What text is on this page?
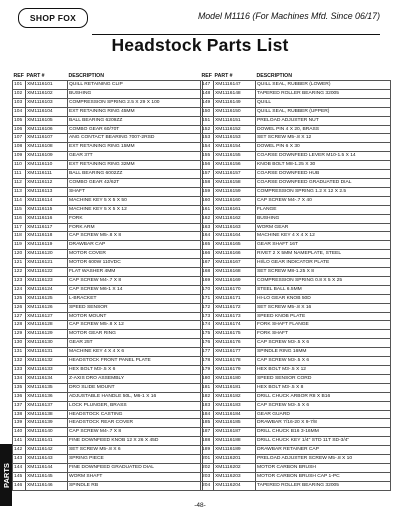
SHOP FOX	Model M1116 (For Machines Mfd. Since 06/17)
Headstock Parts List
REF	PART #	DESCRIPTION
101	XM1116101	QUILL RETAINING CLIP
102	XM1116102	BUSHING
103	XM1116103	COMPRESSION SPRING 2.5 X 29 X 100
104	XM1116104	EXT RETAINING RING 45MM
105	XM1116105	BALL BEARING 6209ZZ
106	XM1116106	COMBO GEAR 60/70T
107	XM1116107	ANG CONTACT BEARING 7007-2RSD
108	XM1116108	EXT RETAINING RING 15MM
109	XM1116109	GEAR 37T
110	XM1116110	EXT RETAINING RING 32MM
111	XM1116111	BALL BEARING 6002ZZ
112	XM1116112	COMBO GEAR 42/62T
113	XM1116113	SHAFT
114	XM1116114	MACHINE KEY 5 X 5 X 50
115	XM1116115	MACHINE KEY 5 X 5 X 12
116	XM1116116	FORK
117	XM1116117	FORK ARM
118	XM1116118	CAP SCREW M5-.8 X 8
119	XM1116119	DRAWBAR CAP
120	XM1116120	MOTOR COVER
121	XM1116121	MOTOR 600W 110VDC
122	XM1116122	FLAT WASHER 4MM
123	XM1116123	CAP SCREW M4-.7 X 8
124	XM1116124	CAP SCREW M6-1 X 14
125	XM1116125	L-BRACKET
126	XM1116126	SPEED SENSOR
127	XM1116127	MOTOR MOUNT
128	XM1116128	CAP SCREW M5-.8 X 12
129	XM1116129	MOTOR GEAR RING
130	XM1116130	GEAR 25T
131	XM1116131	MACHINE KEY 4 X 4 X 6
132	XM1116132	HEADSTOCK FRONT PANEL PLATE
133	XM1116133	HEX BOLT M3-.5 X 6
134	XM1116134	Z-AXIS DRO ASSEMBLY
135	XM1116135	DRO SLIDE MOUNT
136	XM1116136	ADJUSTABLE HANDLE 50L, M6-1 X 16
137	XM1116137	LOCK PLUNGER, BRASS
138	XM1116138	HEADSTOCK CASTING
139	XM1116139	HEADSTOCK REAR COVER
140	XM1116140	CAP SCREW M4-.7 X 8
141	XM1116141	FINE DOWNFEED KNOB 12 X 26 X 45D
142	XM1116142	SET SCREW M5-.8 X 6
143	XM1116143	SPRING PIECE
144	XM1116144	FINE DOWNFEED GRADUATED DIAL
145	XM1116145	WORM SHAFT
146	XM1116146	SPINDLE RB
REF	PART #	DESCRIPTION
147	XM1116147	QUILL SEAL, RUBBER (LOWER)
148	XM1116148	TAPERED ROLLER BEARING 32005
149	XM1116149	QUILL
150	XM1116150	QUILL SEAL, RUBBER (UPPER)
151	XM1116151	PRELOAD ADJUSTER NUT
152	XM1116152	DOWEL PIN 4 X 20, BRASS
153	XM1116153	SET SCREW M5-.8 X 12
154	XM1116154	DOWEL PIN 6 X 30
155	XM1116155	COARSE DOWNFEED LEVER M10-1.5 X 14
156	XM1116156	KNOB BOLT M8-1.25 X 30
157	XM1116157	COARSE DOWNFEED HUB
158	XM1116158	COARSE DOWNFEED GRADUATED DIAL
159	XM1116159	COMPRESSION SPRING 1.2 X 12 X 2.5
160	XM1116160	CAP SCREW M4-.7 X 40
161	XM1116161	FLANGE
162	XM1116162	BUSHING
163	XM1116163	WORM GEAR
164	XM1116164	MACHINE KEY 4 X 4 X 12
165	XM1116165	GEAR SHAFT 16T
166	XM1116166	RIVET 2 X 5MM NAMEPLATE, STEEL
167	XM1116167	HI/LO GEAR INDICATOR PLATE
168	XM1116168	SET SCREW M8-1.25 X 8
169	XM1116169	COMPRESSION SPRING 0.8 X 5 X 25
170	XM1116170	STEEL BALL 6.5MM
171	XM1116171	HI-LO GEAR KNOB 50D
172	XM1116172	SET SCREW M5-.8 X 16
173	XM1116173	SPEED KNOB PLATE
174	XM1116174	FORK SHAFT FLANGE
175	XM1116175	FORK SHAFT
176	XM1116176	CAP SCREW M3-.5 X 6
177	XM1116177	SPINDLE RING 16MM
178	XM1116178	CAP SCREW M3-.5 X 6
179	XM1116179	HEX BOLT M3-.5 X 12
180	XM1116180	SPEED SENSOR CORD
181	XM1116181	HEX BOLT M3-.5 X 8
182	XM1116182	DRILL CHUCK ARBOR R8 X B16
183	XM1116183	CAP SCREW M3-.5 X 6
184	XM1116184	GEAR GUARD
185	XM1116185	DRAWBAR 7/16-20 X 9-7/8
187	XM1116187	DRILL CHUCK B16 3-16MM
188	XM1116188	DRILL CHUCK KEY 1/4" STD 11T SD-3/4"
189	XM1116189	DRAWBAR RETAINER CAP
201	XM1116201	PRELOAD ADJUSTER SCREW M5-.8 X 10
202	XM1116202	MOTOR CARBON BRUSH
203	XM1116203	MOTOR CARBON BRUSH CAP 1-PC
204	XM1116204	TAPERED ROLLER BEARING 32005
PARTS
-48-
